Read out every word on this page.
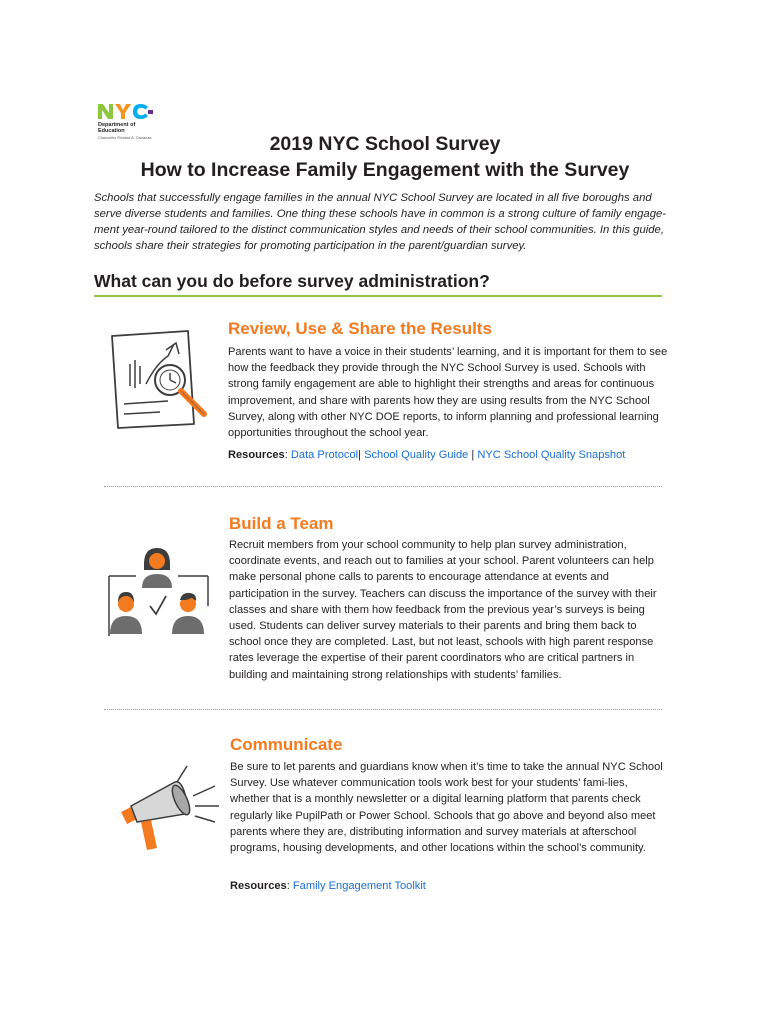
Department of
Education
Chancellor Richard A. Carranza	2019 NYC School Survey
How to Increase Family Engagement with the Survey
Schools that successfully engage families in the annual NYC School Survey are located in all five boroughs and serve diverse students and families. One thing these schools have in common is a strong culture of family engage-ment year-round tailored to the distinct communication styles and needs of their school communities. In this guide, schools share their strategies for promoting participation in the parent/guardian survey.
What can you do before survey administration?
Review, Use & Share the Results
Parents want to have a voice in their students’ learning, and it is important for them to see how the feedback they provide through the NYC School Survey is used. Schools with strong family engagement are able to highlight their strengths and areas for continuous improvement, and share with parents how they are using results from the NYC School Survey, along with other NYC DOE reports, to inform planning and professional learning opportunities throughout the school year.
Resources: Data Protocol| School Quality Guide | NYC School Quality Snapshot
Build a Team
Recruit members from your school community to help plan survey administration, coordinate events, and reach out to families at your school. Parent volunteers can help make personal phone calls to parents to encourage attendance at events and participation in the survey. Teachers can discuss the importance of the survey with their classes and share with them how feedback from the previous year’s surveys is being used. Students can deliver survey materials to their parents and bring them back to school once they are completed. Last, but not least, schools with high parent response rates leverage the expertise of their parent coordinators who are critical partners in building and maintaining strong relationships with students’ families.
Communicate
Be sure to let parents and guardians know when it’s time to take the annual NYC School Survey. Use whatever communication tools work best for your students’ fami-lies, whether that is a monthly newsletter or a digital learning platform that parents check regularly like PupilPath or Power School. Schools that go above and beyond also meet parents where they are, distributing information and survey materials at afterschool programs, housing developments, and other locations within the school’s community.
Resources: Family Engagement Toolkit
